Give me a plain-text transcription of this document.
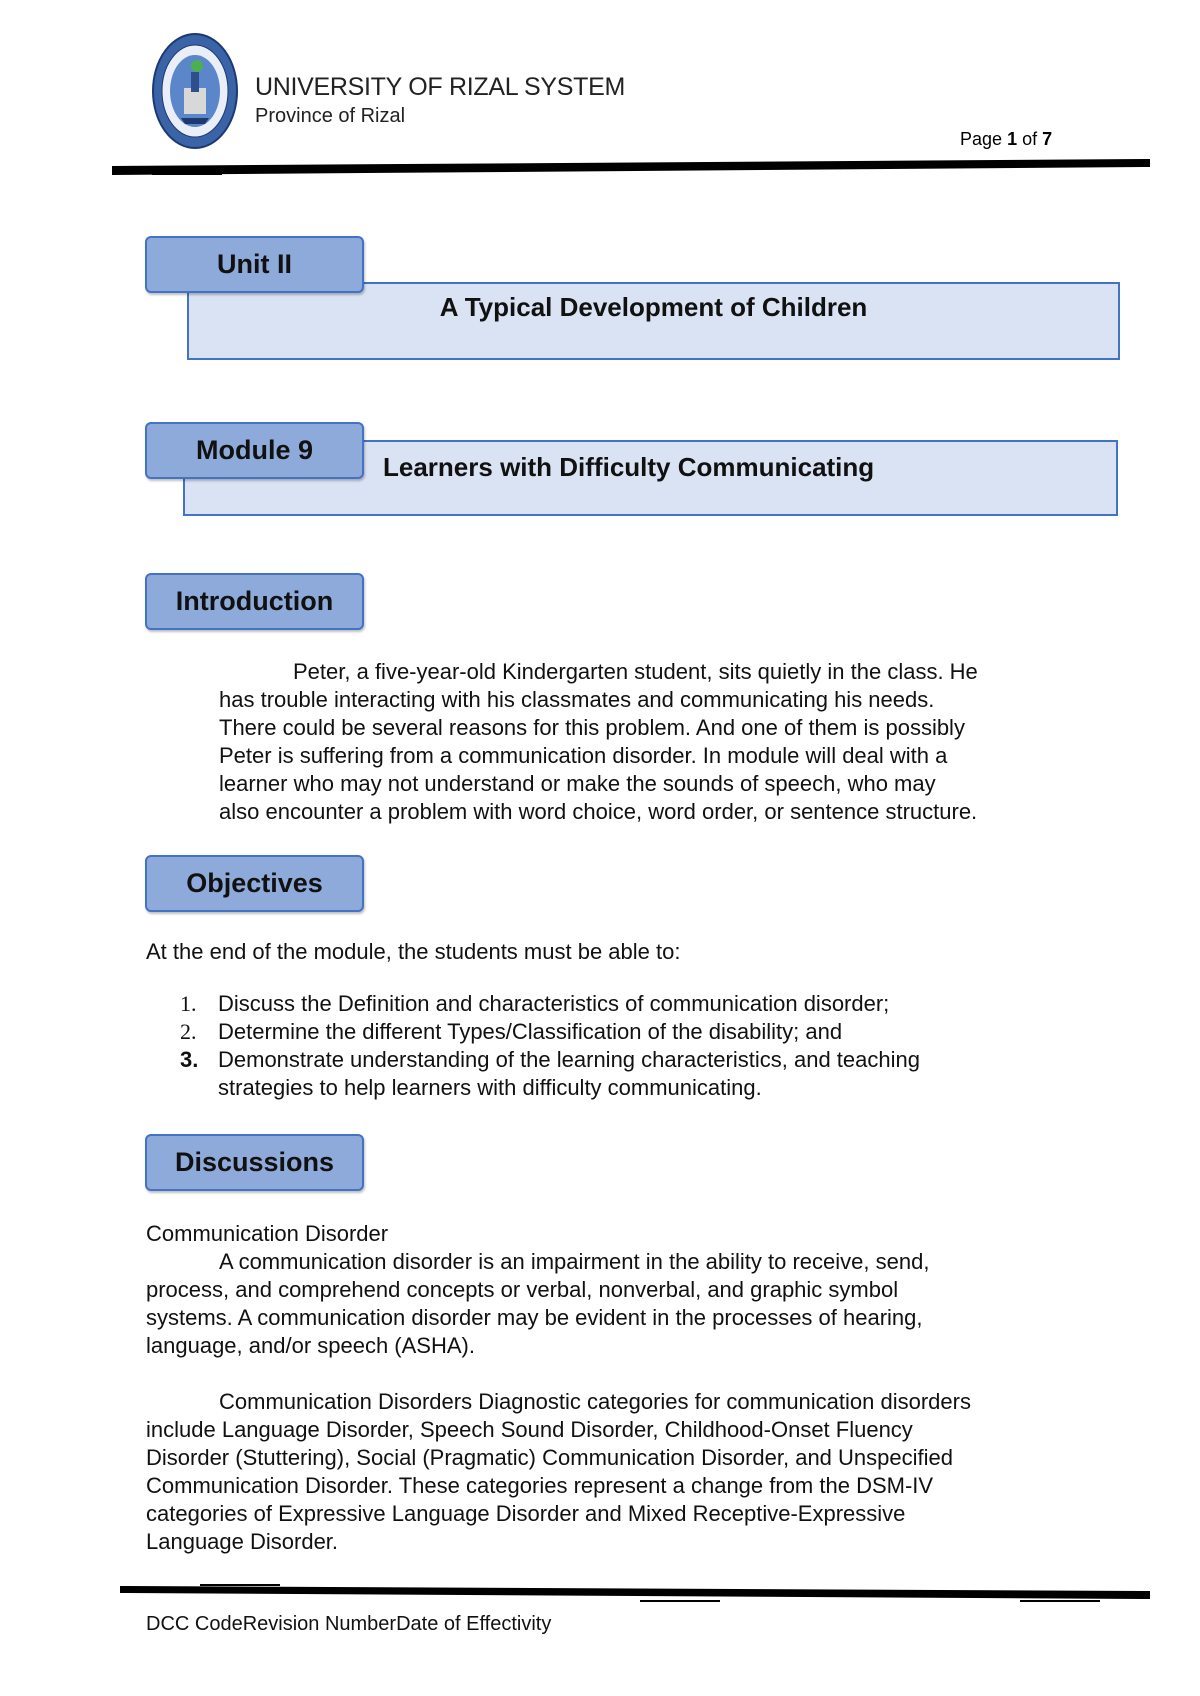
UNIVERSITY OF RIZAL SYSTEM
Province of Rizal
Page 1 of 7
A Typical Development of Children
Unit II
Learners with Difficulty Communicating
Module 9
Introduction
Peter, a five-year-old Kindergarten student, sits quietly in the class. He
has trouble interacting with his classmates and communicating his needs.
There could be several reasons for this problem. And one of them is possibly
Peter is suffering from a communication disorder. In module will deal with a
learner who may not understand or make the sounds of speech, who may
also encounter a problem with word choice, word order, or sentence structure.
Objectives
At the end of the module, the students must be able to:
1. Discuss the Definition and characteristics of communication disorder;
2. Determine the different Types/Classification of the disability; and
3. Demonstrate understanding of the learning characteristics, and teaching
strategies to help learners with difficulty communicating.
Discussions
Communication Disorder
A communication disorder is an impairment in the ability to receive, send,
process, and comprehend concepts or verbal, nonverbal, and graphic symbol
systems. A communication disorder may be evident in the processes of hearing,
language, and/or speech (ASHA).
Communication Disorders Diagnostic categories for communication disorders
include Language Disorder, Speech Sound Disorder, Childhood-Onset Fluency
Disorder (Stuttering), Social (Pragmatic) Communication Disorder, and Unspecified
Communication Disorder. These categories represent a change from the DSM-IV
categories of Expressive Language Disorder and Mixed Receptive-Expressive
Language Disorder.
DCC CodeRevision NumberDate of Effectivity
